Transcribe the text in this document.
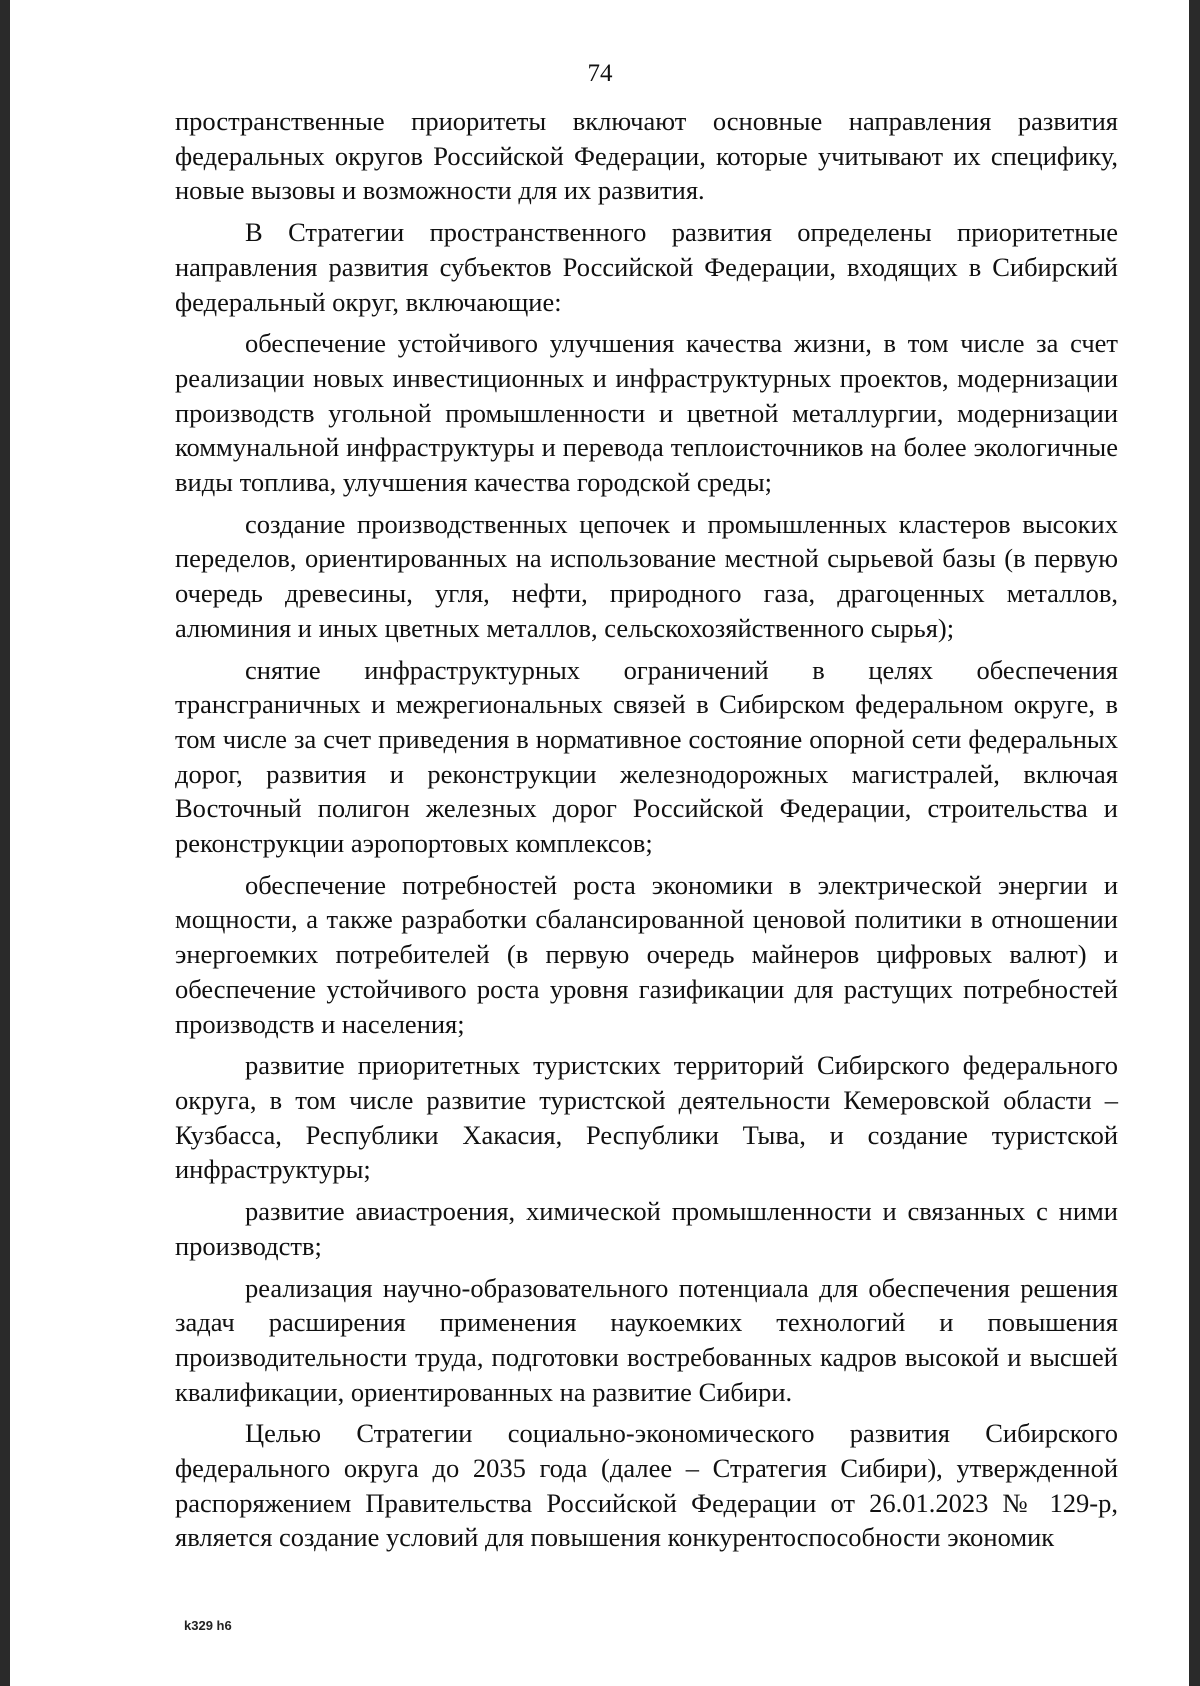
74

пространственные приоритеты включают основные направления развития федеральных округов Российской Федерации, которые учитывают их специфику, новые вызовы и возможности для их развития.

В Стратегии пространственного развития определены приоритетные направления развития субъектов Российской Федерации, входящих в Сибирский федеральный округ, включающие:

обеспечение устойчивого улучшения качества жизни, в том числе за счет реализации новых инвестиционных и инфраструктурных проектов, модернизации производств угольной промышленности и цветной металлургии, модернизации коммунальной инфраструктуры и перевода теплоисточников на более экологичные виды топлива, улучшения качества городской среды;

создание производственных цепочек и промышленных кластеров высоких переделов, ориентированных на использование местной сырьевой базы (в первую очередь древесины, угля, нефти, природного газа, драгоценных металлов, алюминия и иных цветных металлов, сельскохозяйственного сырья);

снятие инфраструктурных ограничений в целях обеспечения трансграничных и межрегиональных связей в Сибирском федеральном округе, в том числе за счет приведения в нормативное состояние опорной сети федеральных дорог, развития и реконструкции железнодорожных магистралей, включая Восточный полигон железных дорог Российской Федерации, строительства и реконструкции аэропортовых комплексов;

обеспечение потребностей роста экономики в электрической энергии и мощности, а также разработки сбалансированной ценовой политики в отношении энергоемких потребителей (в первую очередь майнеров цифровых валют) и обеспечение устойчивого роста уровня газификации для растущих потребностей производств и населения;

развитие приоритетных туристских территорий Сибирского федерального округа, в том числе развитие туристской деятельности Кемеровской области – Кузбасса, Республики Хакасия, Республики Тыва, и создание туристской инфраструктуры;

развитие авиастроения, химической промышленности и связанных с ними производств;

реализация научно-образовательного потенциала для обеспечения решения задач расширения применения наукоемких технологий и повышения производительности труда, подготовки востребованных кадров высокой и высшей квалификации, ориентированных на развитие Сибири.

Целью Стратегии социально-экономического развития Сибирского федерального округа до 2035 года (далее – Стратегия Сибири), утвержденной распоряжением Правительства Российской Федерации от 26.01.2023 № 129-р, является создание условий для повышения конкурентоспособности экономик

k329 h6
